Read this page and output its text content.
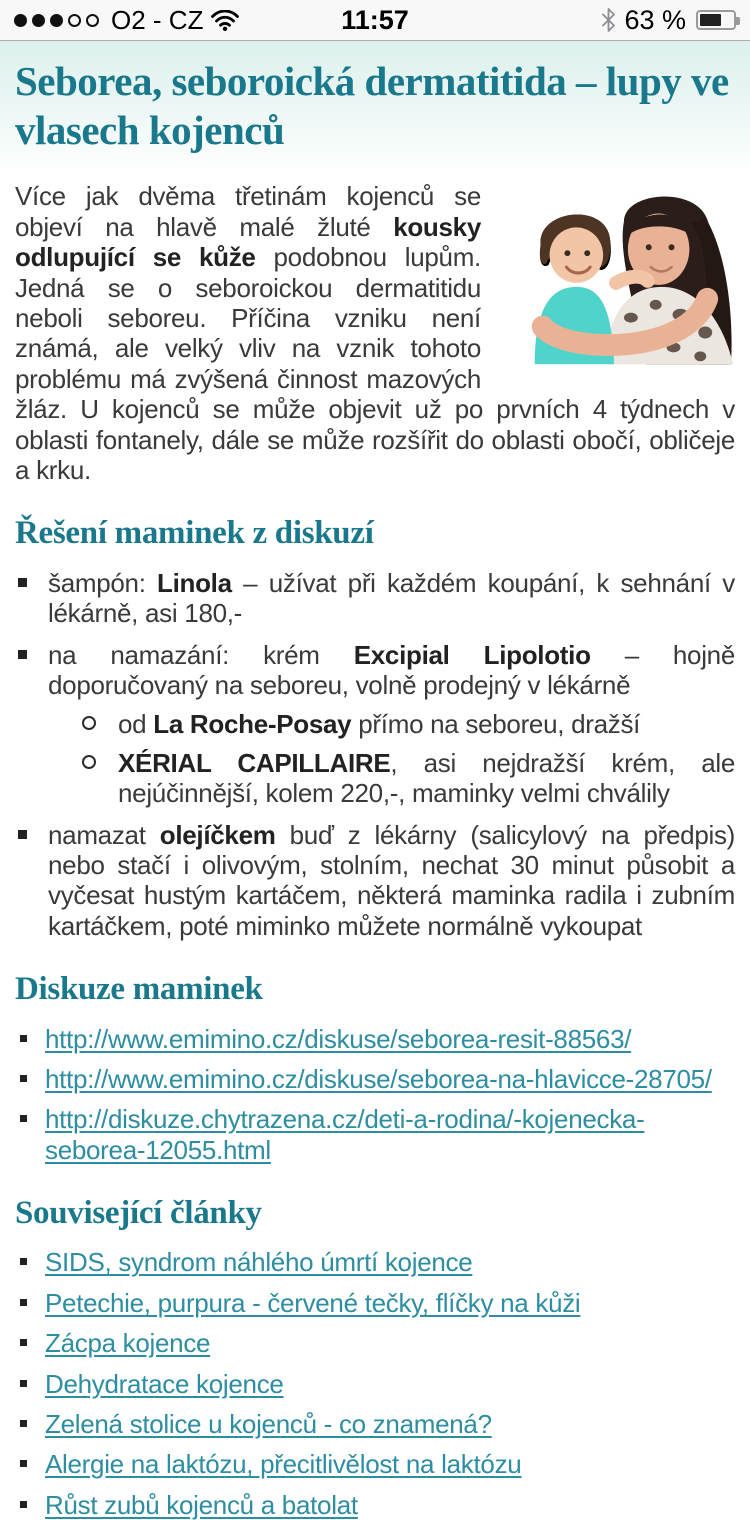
O2 - CZ	11:57	63 %
Seborea, seboroická dermatitida – lupy ve vlasech kojenců

Více jak dvěma třetinám kojenců se objeví na hlavě malé žluté kousky odlupující se kůže podobnou lupům. Jedná se o seboroickou dermatitidu neboli seboreu. Příčina vzniku není známá, ale velký vliv na vznik tohoto problému má zvýšená činnost mazových žláz. U kojenců se může objevit už po prvních 4 týdnech v oblasti fontanely, dále se může rozšířit do oblasti obočí, obličeje a krku.

Řešení maminek z diskuzí
šampón: Linola – užívat při každém koupání, k sehnání v lékárně, asi 180,-
na namazání: krém Excipial Lipolotio – hojně doporučovaný na seboreu, volně prodejný v lékárně
od La Roche-Posay přímo na seboreu, dražší
XÉRIAL CAPILLAIRE, asi nejdražší krém, ale nejúčinnější, kolem 220,-, maminky velmi chválily
namazat olejíčkem buď z lékárny (salicylový na předpis) nebo stačí i olivovým, stolním, nechat 30 minut působit a vyčesat hustým kartáčem, některá maminka radila i zubním kartáčkem, poté miminko můžete normálně vykoupat
Diskuze maminek
http://www.emimino.cz/diskuse/seborea-resit-88563/
http://www.emimino.cz/diskuse/seborea-na-hlavicce-28705/
http://diskuze.chytrazena.cz/deti-a-rodina/-kojenecka-seborea-12055.html
Související články
SIDS, syndrom náhlého úmrtí kojence
Petechie, purpura - červené tečky, flíčky na kůži
Zácpa kojence
Dehydratace kojence
Zelená stolice u kojenců - co znamená?
Alergie na laktózu, přecitlivělost na laktózu
Růst zubů kojenců a batolat
